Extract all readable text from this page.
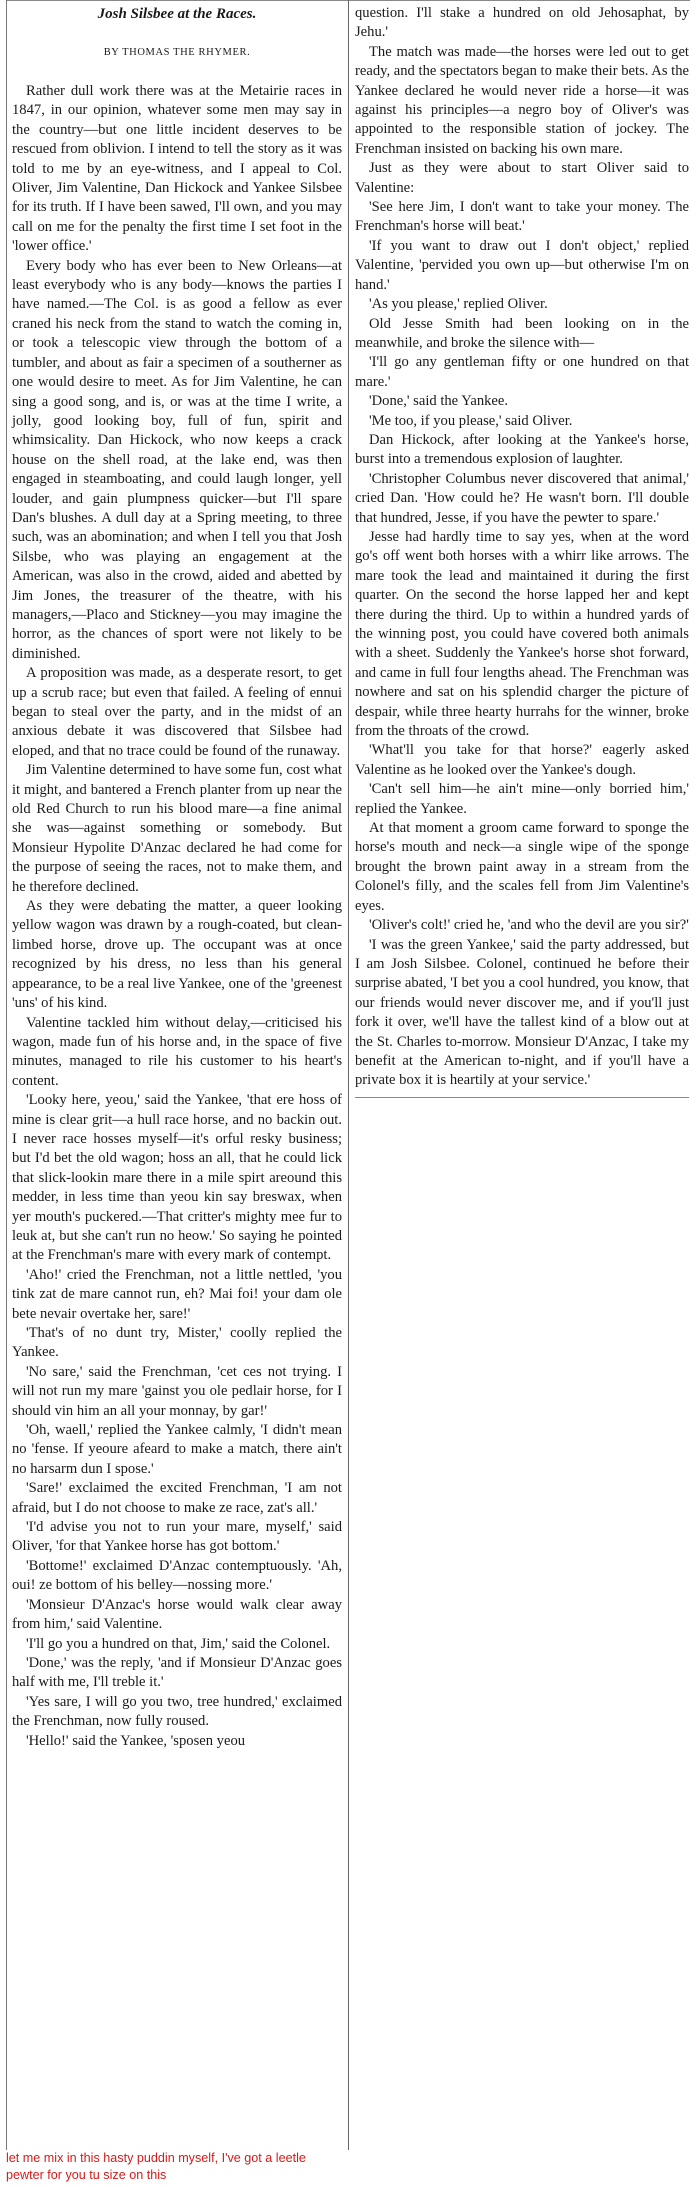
Josh Silsbee at the Races.
BY THOMAS THE RHYMER.

Rather dull work there was at the Metairie races in 1847, in our opinion, whatever some men may say in the country—but one little incident deserves to be rescued from oblivion. I intend to tell the story as it was told to me by an eye-witness, and I appeal to Col. Oliver, Jim Valentine, Dan Hickock and Yankee Silsbee for its truth. If I have been sawed, I'll own, and you may call on me for the penalty the first time I set foot in the 'lower office.'

Every body who has ever been to New Orleans—at least everybody who is any body—knows the parties I have named.—The Col. is as good a fellow as ever craned his neck from the stand to watch the coming in, or took a telescopic view through the bottom of a tumbler, and about as fair a specimen of a southerner as one would desire to meet. As for Jim Valentine, he can sing a good song, and is, or was at the time I write, a jolly, good looking boy, full of fun, spirit and whimsicality. Dan Hickock, who now keeps a crack house on the shell road, at the lake end, was then engaged in steamboating, and could laugh longer, yell louder, and gain plumpness quicker—but I'll spare Dan's blushes. A dull day at a Spring meeting, to three such, was an abomination; and when I tell you that Josh Silsbe, who was playing an engagement at the American, was also in the crowd, aided and abetted by Jim Jones, the treasurer of the theatre, with his managers,—Placo and Stickney—you may imagine the horror, as the chances of sport were not likely to be diminished.

A proposition was made, as a desperate resort, to get up a scrub race; but even that failed. A feeling of ennui began to steal over the party, and in the midst of an anxious debate it was discovered that Silsbee had eloped, and that no trace could be found of the runaway.

Jim Valentine determined to have some fun, cost what it might, and bantered a French planter from up near the old Red Church to run his blood mare—a fine animal she was—against something or somebody. But Monsieur Hypolite D'Anzac declared he had come for the purpose of seeing the races, not to make them, and he therefore declined.

As they were debating the matter, a queer looking yellow wagon was drawn by a rough-coated, but clean-limbed horse, drove up. The occupant was at once recognized by his dress, no less than his general appearance, to be a real live Yankee, one of the 'greenest 'uns' of his kind.

Valentine tackled him without delay,—criticised his wagon, made fun of his horse and, in the space of five minutes, managed to rile his customer to his heart's content.

'Looky here, yeou,' said the Yankee, 'that ere hoss of mine is clear grit—a hull race horse, and no backin out. I never race hosses myself—it's orful resky business; but I'd bet the old wagon; hoss an all, that he could lick that slick-lookin mare there in a mile spirt areound this medder, in less time than yeou kin say breswax, when yer mouth's puckered.—That critter's mighty mee fur to leuk at, but she can't run no heow.' So saying he pointed at the Frenchman's mare with every mark of contempt.

'Aho!' cried the Frenchman, not a little nettled, 'you tink zat de mare cannot run, eh? Mai foi! your dam ole bete nevair overtake her, sare!'

'That's of no dunt try, Mister,' coolly replied the Yankee.

'No sare,' said the Frenchman, 'cet ces not trying. I will not run my mare 'gainst you ole pedlair horse, for I should vin him an all your monnay, by gar!'

'Oh, waell,' replied the Yankee calmly, 'I didn't mean no 'fense. If yeoure afeard to make a match, there ain't no harsarm dun I spose.'

'Sare!' exclaimed the excited Frenchman, 'I am not afraid, but I do not choose to make ze race, zat's all.'

'I'd advise you not to run your mare, myself,' said Oliver, 'for that Yankee horse has got bottom.'

'Bottome!' exclaimed D'Anzac contemptuously. 'Ah, oui! ze bottom of his belley—nossing more.'

'Monsieur D'Anzac's horse would walk clear away from him,' said Valentine.

'I'll go you a hundred on that, Jim,' said the Colonel.

'Done,' was the reply, 'and if Monsieur D'Anzac goes half with me, I'll treble it.'

'Yes sare, I will go you two, tree hundred,' exclaimed the Frenchman, now fully roused.

'Hello!' said the Yankee, 'sposen yeou

question. I'll stake a hundred on old Jehosaphat, by Jehu.'

The match was made—the horses were led out to get ready, and the spectators began to make their bets. As the Yankee declared he would never ride a horse—it was against his principles—a negro boy of Oliver's was appointed to the responsible station of jockey. The Frenchman insisted on backing his own mare.

Just as they were about to start Oliver said to Valentine:

'See here Jim, I don't want to take your money. The Frenchman's horse will beat.'

'If you want to draw out I don't object,' replied Valentine, 'pervided you own up—but otherwise I'm on hand.'

'As you please,' replied Oliver.

Old Jesse Smith had been looking on in the meanwhile, and broke the silence with—

'I'll go any gentleman fifty or one hundred on that mare.'

'Done,' said the Yankee.

'Me too, if you please,' said Oliver.

Dan Hickock, after looking at the Yankee's horse, burst into a tremendous explosion of laughter.

'Christopher Columbus never discovered that animal,' cried Dan. 'How could he? He wasn't born. I'll double that hundred, Jesse, if you have the pewter to spare.'

Jesse had hardly time to say yes, when at the word go's off went both horses with a whirr like arrows. The mare took the lead and maintained it during the first quarter. On the second the horse lapped her and kept there during the third. Up to within a hundred yards of the winning post, you could have covered both animals with a sheet. Suddenly the Yankee's horse shot forward, and came in full four lengths ahead. The Frenchman was nowhere and sat on his splendid charger the picture of despair, while three hearty hurrahs for the winner, broke from the throats of the crowd.

'What'll you take for that horse?' eagerly asked Valentine as he looked over the Yankee's dough.

'Can't sell him—he ain't mine—only borried him,' replied the Yankee.

At that moment a groom came forward to sponge the horse's mouth and neck—a single wipe of the sponge brought the brown paint away in a stream from the Colonel's filly, and the scales fell from Jim Valentine's eyes.

'Oliver's colt!' cried he, 'and who the devil are you sir?'

'I was the green Yankee,' said the party addressed, but I am Josh Silsbee. Colonel, continued he before their surprise abated, 'I bet you a cool hundred, you know, that our friends would never discover me, and if you'll just fork it over, we'll have the tallest kind of a blow out at the St. Charles to-morrow. Monsieur D'Anzac, I take my benefit at the American to-night, and if you'll have a private box it is heartily at your service.'

let me mix in this hasty puddin myself, I've got a leetle pewter for you tu size on this
